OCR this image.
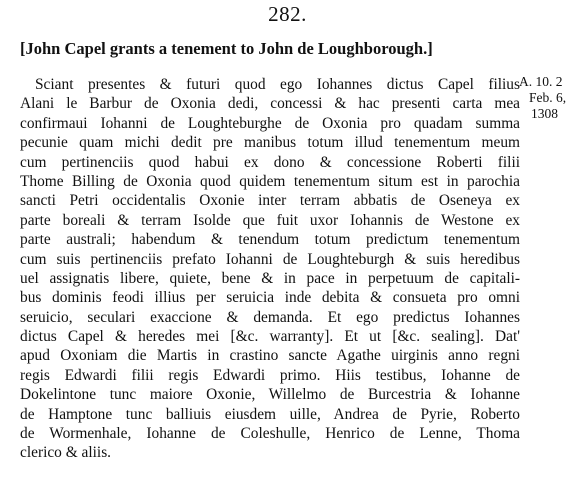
282.
[John Capel grants a tenement to John de Loughborough.]
A. 10. 2
Feb. 6,
1308
Sciant presentes & futuri quod ego Iohannes dictus Capel filius
Alani le Barbur de Oxonia dedi, concessi & hac presenti carta mea
confirmaui Iohanni de Loughteburghe de Oxonia pro quadam summa
pecunie quam michi dedit pre manibus totum illud tenementum meum
cum pertinenciis quod habui ex dono & concessione Roberti filii
Thome Billing de Oxonia quod quidem tenementum situm est in parochia
sancti Petri occidentalis Oxonie inter terram abbatis de Oseneya ex
parte boreali & terram Isolde que fuit uxor Iohannis de Westone ex
parte australi; habendum & tenendum totum predictum tenementum
cum suis pertinenciis prefato Iohanni de Loughteburgh & suis heredibus
uel assignatis libere, quiete, bene & in pace in perpetuum de capitali-
bus dominis feodi illius per seruicia inde debita & consueta pro omni
seruicio, seculari exaccione & demanda. Et ego predictus Iohannes
dictus Capel & heredes mei [&c. warranty]. Et ut [&c. sealing]. Dat'
apud Oxoniam die Martis in crastino sancte Agathe uirginis anno regni
regis Edwardi filii regis Edwardi primo. Hiis testibus, Iohanne de
Dokelintone tunc maiore Oxonie, Willelmo de Burcestria & Iohanne
de Hamptone tunc balliuis eiusdem uille, Andrea de Pyrie, Roberto
de Wormenhale, Iohanne de Coleshulle, Henrico de Lenne, Thoma
clerico & aliis.
